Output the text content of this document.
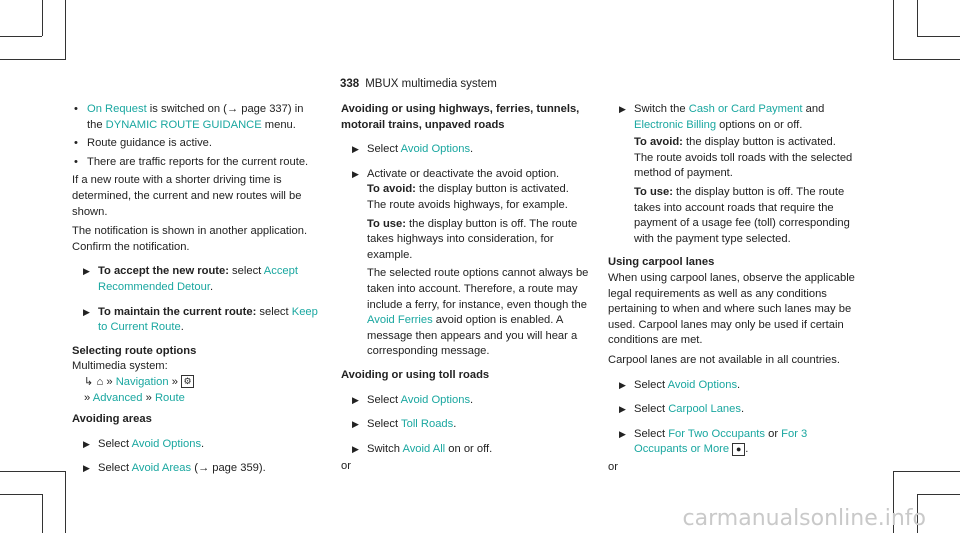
338 MBUX multimedia system
• On Request is switched on (→ page 337) in the DYNAMIC ROUTE GUIDANCE menu.
• Route guidance is active.
• There are traffic reports for the current route.

If a new route with a shorter driving time is determined, the current and new routes will be shown.

The notification is shown in another application. Confirm the notification.

▶ To accept the new route: select Accept Recommended Detour.
▶ To maintain the current route: select Keep to Current Route.
Selecting route options
Multimedia system:
↳ ⌂ » Navigation » ⚙
» Advanced » Route
Avoiding areas
▶ Select Avoid Options.
▶ Select Avoid Areas (→ page 359).
Avoiding or using highways, ferries, tunnels, motorail trains, unpaved roads
▶ Select Avoid Options.
▶ Activate or deactivate the avoid option.
To avoid: the display button is activated. The route avoids highways, for example.
To use: the display button is off. The route takes highways into consideration, for example.
The selected route options cannot always be taken into account. Therefore, a route may include a ferry, for instance, even though the Avoid Ferries avoid option is enabled. A message then appears and you will hear a corresponding message.
Avoiding or using toll roads
▶ Select Avoid Options.
▶ Select Toll Roads.
▶ Switch Avoid All on or off.
or
▶ Switch the Cash or Card Payment and Electronic Billing options on or off.
To avoid: the display button is activated. The route avoids toll roads with the selected method of payment.
To use: the display button is off. The route takes into account roads that require the payment of a usage fee (toll) corresponding with the payment type selected.
Using carpool lanes

When using carpool lanes, observe the applicable legal requirements as well as any conditions pertaining to when and where such lanes may be used. Carpool lanes may only be used if certain conditions are met.

Carpool lanes are not available in all countries.

▶ Select Avoid Options.
▶ Select Carpool Lanes.
▶ Select For Two Occupants or For 3 Occupants or More ● .
or
carmanualsonline.info
